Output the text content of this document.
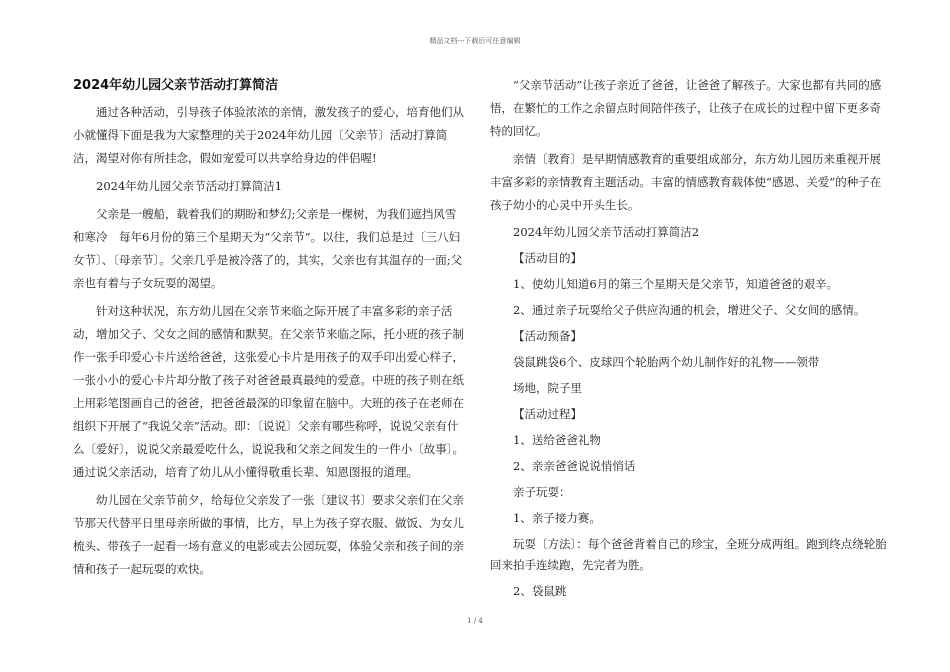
精品文档---下载后可任意编辑
2024年幼儿园父亲节活动打算简洁

通过各种活动，引导孩子体验浓浓的亲情，激发孩子的爱心，培育他们从小就懂得下面是我为大家整理的关于2024年幼儿园〔父亲节〕活动打算简洁，渴望对你有所挂念，假如宠爱可以共享给身边的伴侣喔!

2024年幼儿园父亲节活动打算简洁1

父亲是一艘船，载着我们的期盼和梦幻;父亲是一棵树，为我们遮挡风雪和寒冷　每年6月份的第三个星期天为“父亲节”。以往，我们总是过〔三八妇女节〕、〔母亲节〕。父亲几乎是被冷落了的，其实，父亲也有其温存的一面;父亲也有着与子女玩耍的渴望。

针对这种状况，东方幼儿园在父亲节来临之际开展了丰富多彩的亲子活动，增加父子、父女之间的感情和默契。在父亲节来临之际，托小班的孩子制作一张手印爱心卡片送给爸爸，这张爱心卡片是用孩子的双手印出爱心样子，一张小小的爱心卡片却分散了孩子对爸爸最真最纯的爱意。中班的孩子则在纸上用彩笔图画自己的爸爸，把爸爸最深的印象留在脑中。大班的孩子在老师在组织下开展了“我说父亲”活动。即：〔说说〕父亲有哪些称呼，说说父亲有什么〔爱好〕，说说父亲最爱吃什么，说说我和父亲之间发生的一件小〔故事〕。通过说父亲活动，培育了幼儿从小懂得敬重长辈、知恩图报的道理。

幼儿园在父亲节前夕，给每位父亲发了一张〔建议书〕要求父亲们在父亲节那天代替平日里母亲所做的事情，比方，早上为孩子穿衣服、做饭、为女儿梳头、带孩子一起看一场有意义的电影或去公园玩耍，体验父亲和孩子间的亲情和孩子一起玩耍的欢快。

“父亲节活动”让孩子亲近了爸爸，让爸爸了解孩子。大家也都有共同的感悟，在繁忙的工作之余留点时间陪伴孩子，让孩子在成长的过程中留下更多奇特的回忆。

亲情〔教育〕是早期情感教育的重要组成部分，东方幼儿园历来重视开展丰富多彩的亲情教育主题活动。丰富的情感教育载体使“感恩、关爱”的种子在孩子幼小的心灵中开头生长。

2024年幼儿园父亲节活动打算简洁2

【活动目的】

1、使幼儿知道6月的第三个星期天是父亲节，知道爸爸的艰辛。

2、通过亲子玩耍给父子供应沟通的机会，增进父子、父女间的感情。

【活动预备】

袋鼠跳袋6个、皮球四个轮胎两个幼儿制作好的礼物——领带

场地，院子里

【活动过程】

1、送给爸爸礼物

2、亲亲爸爸说说悄悄话

亲子玩耍：

1、亲子接力赛。

玩耍〔方法〕：每个爸爸背着自己的珍宝，全班分成两组。跑到终点绕轮胎回来拍手连续跑，先完者为胜。

2、袋鼠跳

1 / 4
